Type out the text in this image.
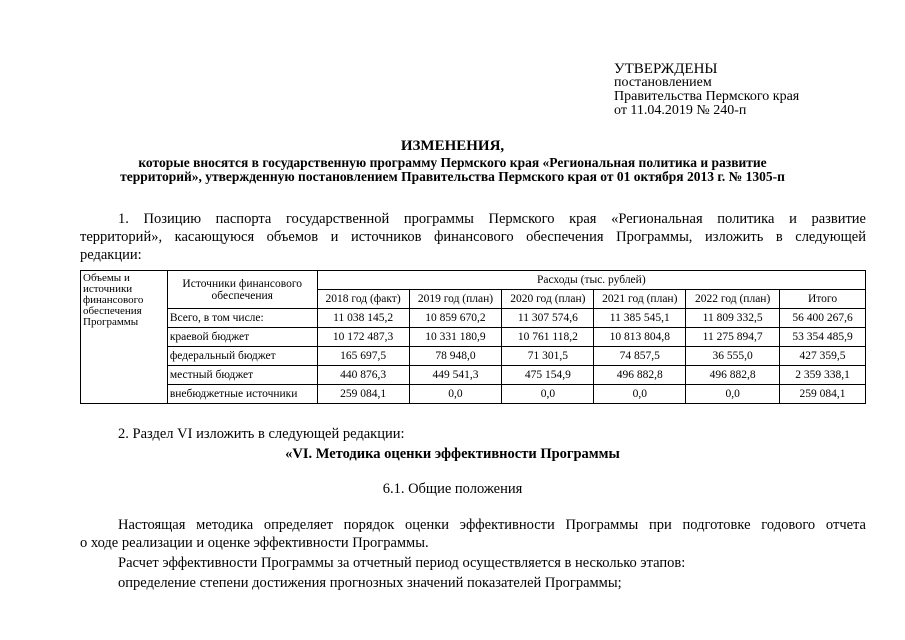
УТВЕРЖДЕНЫ
постановлением
Правительства Пермского края
от 11.04.2019 № 240-п
ИЗМЕНЕНИЯ,
которые вносятся в государственную программу Пермского края «Региональная политика и развитие
территорий», утвержденную постановлением Правительства Пермского края от 01 октября 2013 г. № 1305-п
1. Позицию паспорта государственной программы Пермского края «Региональная политика и развитие
территорий», касающуюся объемов и источников финансового обеспечения Программы, изложить в следующей
редакции:
Объемы и источники финансового обеспечения Программы	Источники финансового обеспечения	Расходы (тыс. рублей)					
		2018 год (факт)	2019 год (план)	2020 год (план)	2021 год (план)	2022 год (план)	Итого
	Всего, в том числе:	11 038 145,2	10 859 670,2	11 307 574,6	11 385 545,1	11 809 332,5	56 400 267,6
	краевой бюджет	10 172 487,3	10 331 180,9	10 761 118,2	10 813 804,8	11 275 894,7	53 354 485,9
	федеральный бюджет	165 697,5	78 948,0	71 301,5	74 857,5	36 555,0	427 359,5
	местный бюджет	440 876,3	449 541,3	475 154,9	496 882,8	496 882,8	2 359 338,1
	внебюджетные источники	259 084,1	0,0	0,0	0,0	0,0	259 084,1
2. Раздел VI изложить в следующей редакции:
«VI. Методика оценки эффективности Программы
6.1. Общие положения
Настоящая методика определяет порядок оценки эффективности Программы при подготовке годового отчета
о ходе реализации и оценке эффективности Программы.
Расчет эффективности Программы за отчетный период осуществляется в несколько этапов:
определение степени достижения прогнозных значений показателей Программы;
